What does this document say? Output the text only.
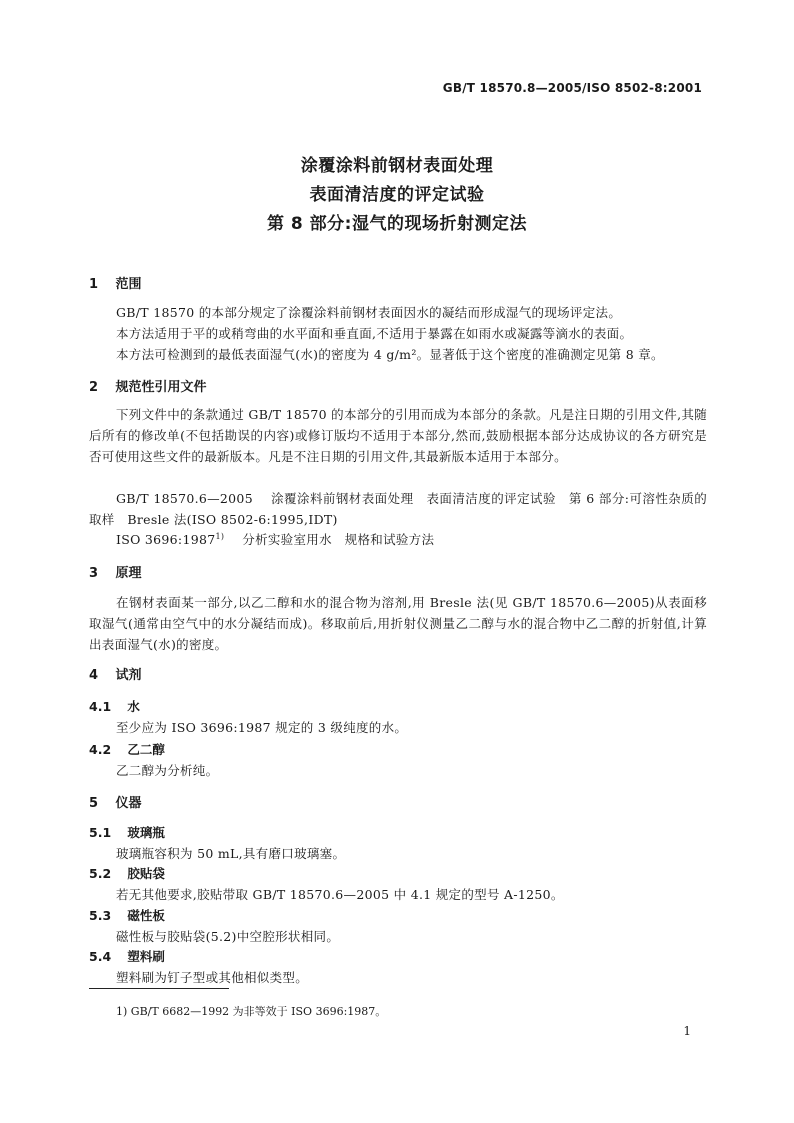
GB/T 18570.8—2005/ISO 8502-8:2001
涂覆涂料前钢材表面处理
表面清洁度的评定试验
第 8 部分:湿气的现场折射测定法
1 范围
GB/T 18570 的本部分规定了涂覆涂料前钢材表面因水的凝结而形成湿气的现场评定法。
本方法适用于平的或稍弯曲的水平面和垂直面,不适用于暴露在如雨水或凝露等滴水的表面。
本方法可检测到的最低表面湿气(水)的密度为 4 g/m²。显著低于这个密度的准确测定见第 8 章。
2 规范性引用文件
下列文件中的条款通过 GB/T 18570 的本部分的引用而成为本部分的条款。凡是注日期的引用文件,其随后所有的修改单(不包括勘误的内容)或修订版均不适用于本部分,然而,鼓励根据本部分达成协议的各方研究是否可使用这些文件的最新版本。凡是不注日期的引用文件,其最新版本适用于本部分。
GB/T 18570.6—2005 涂覆涂料前钢材表面处理　表面清洁度的评定试验　第 6 部分:可溶性杂质的取样　Bresle 法(ISO 8502-6:1995,IDT)
ISO 3696:1987$^{1)}$ 分析实验室用水　规格和试验方法
3 原理
在钢材表面某一部分,以乙二醇和水的混合物为溶剂,用 Bresle 法(见 GB/T 18570.6—2005)从表面移取湿气(通常由空气中的水分凝结而成)。移取前后,用折射仪测量乙二醇与水的混合物中乙二醇的折射值,计算出表面湿气(水)的密度。
4 试剂
4.1 水
至少应为 ISO 3696:1987 规定的 3 级纯度的水。
4.2 乙二醇
乙二醇为分析纯。
5 仪器
5.1 玻璃瓶
玻璃瓶容积为 50 mL,具有磨口玻璃塞。
5.2 胶贴袋
若无其他要求,胶贴带取 GB/T 18570.6—2005 中 4.1 规定的型号 A-1250。
5.3 磁性板
磁性板与胶贴袋(5.2)中空腔形状相同。
5.4 塑料刷
塑料刷为钉子型或其他相似类型。
1) GB/T 6682—1992 为非等效于 ISO 3696:1987。
1
